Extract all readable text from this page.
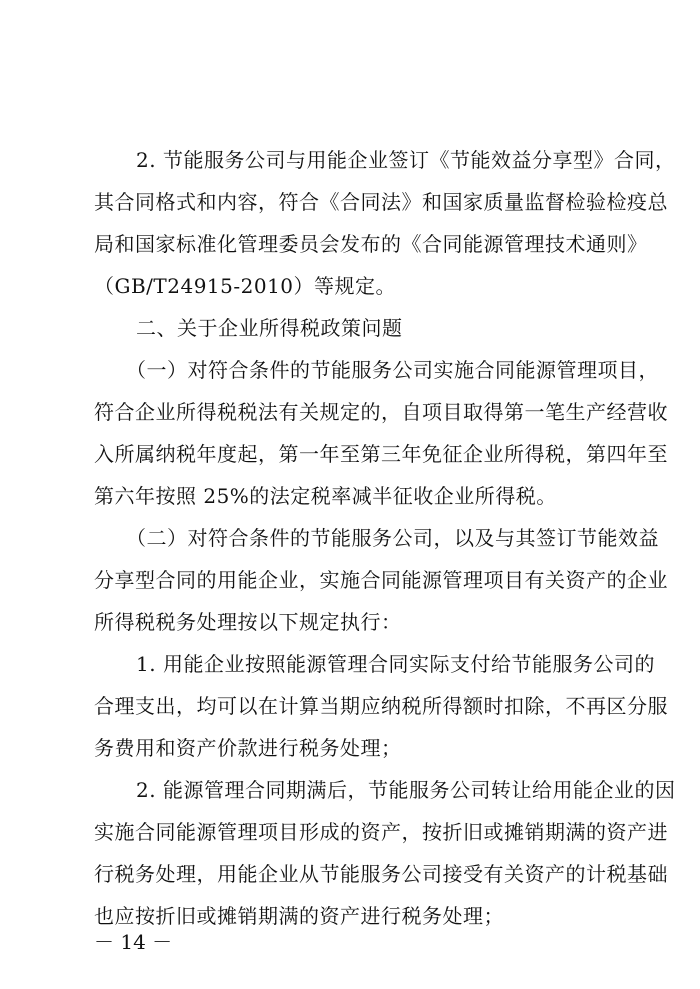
2. 节能服务公司与用能企业签订《节能效益分享型》合同，
其合同格式和内容，符合《合同法》和国家质量监督检验检疫总
局和国家标准化管理委员会发布的《合同能源管理技术通则》
（GB/T24915-2010）等规定。
二、关于企业所得税政策问题
（一）对符合条件的节能服务公司实施合同能源管理项目，
符合企业所得税税法有关规定的，自项目取得第一笔生产经营收
入所属纳税年度起，第一年至第三年免征企业所得税，第四年至
第六年按照 25%的法定税率减半征收企业所得税。
（二）对符合条件的节能服务公司，以及与其签订节能效益
分享型合同的用能企业，实施合同能源管理项目有关资产的企业
所得税税务处理按以下规定执行：
1. 用能企业按照能源管理合同实际支付给节能服务公司的
合理支出，均可以在计算当期应纳税所得额时扣除，不再区分服
务费用和资产价款进行税务处理；
2. 能源管理合同期满后，节能服务公司转让给用能企业的因
实施合同能源管理项目形成的资产，按折旧或摊销期满的资产进
行税务处理，用能企业从节能服务公司接受有关资产的计税基础
也应按折旧或摊销期满的资产进行税务处理；
－ 14 －
